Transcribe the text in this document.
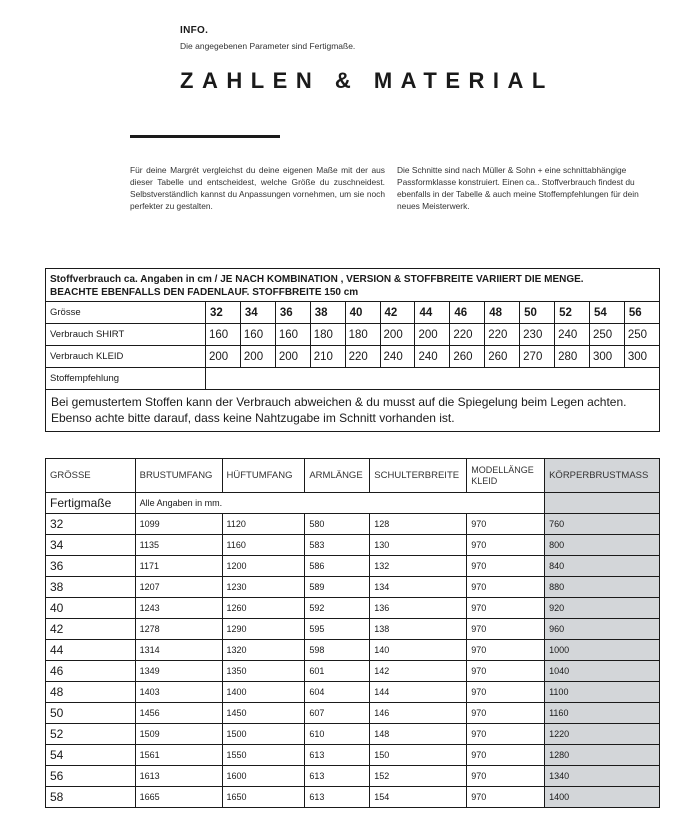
INFO.
Die angegebenen Parameter sind Fertigmaße.
ZAHLEN & MATERIAL

Für deine Margrét vergleichst du deine eigenen Maße mit der aus dieser Tabelle und entscheidest, welche Größe du zuschneidest. Selbstverständlich kannst du Anpassungen vornehmen, um sie noch perfekter zu gestalten.

Die Schnitte sind nach Müller & Sohn + eine schnittabhängige Passformklasse konstruiert. Einen ca.. Stoffverbrauch findest du ebenfalls in der Tabelle & auch meine Stoffempfehlungen für dein neues Meisterwerk.

Stoffverbrauch ca. Angaben in cm / JE NACH KOMBINATION , VERSION & STOFFBREITE VARIIERT DIE MENGE.
BEACHTE EBENFALLS DEN FADENLAUF. STOFFBREITE 150 cm													

Grösse	32	34	36	38	40	42	44	46	48	50	52	54	56
Verbrauch SHIRT	160	160	160	180	180	200	200	220	220	230	240	250	250
Verbrauch KLEID	200	200	200	210	220	240	240	260	260	270	280	300	300
Stoffempfehlung													
Bei gemustertem Stoffen kann der Verbrauch abweichen & du musst auf die Spiegelung beim Legen achten. Ebenso achte bitte darauf, dass keine Nahtzugabe im Schnitt vorhanden ist.													
GRÖSSE	BRUSTUMFANG	HÜFTUMFANG	ARMLÄNGE	SCHULTERBREITE	MODELLÄNGE KLEID	KÖRPERBRUSTMASS
Fertigmaße	Alle Angaben in mm.					
32	1099	1120	580	128	970	760
34	1135	1160	583	130	970	800
36	1171	1200	586	132	970	840
38	1207	1230	589	134	970	880
40	1243	1260	592	136	970	920
42	1278	1290	595	138	970	960
44	1314	1320	598	140	970	1000
46	1349	1350	601	142	970	1040
48	1403	1400	604	144	970	1100
50	1456	1450	607	146	970	1160
52	1509	1500	610	148	970	1220
54	1561	1550	613	150	970	1280
56	1613	1600	613	152	970	1340
58	1665	1650	613	154	970	1400
